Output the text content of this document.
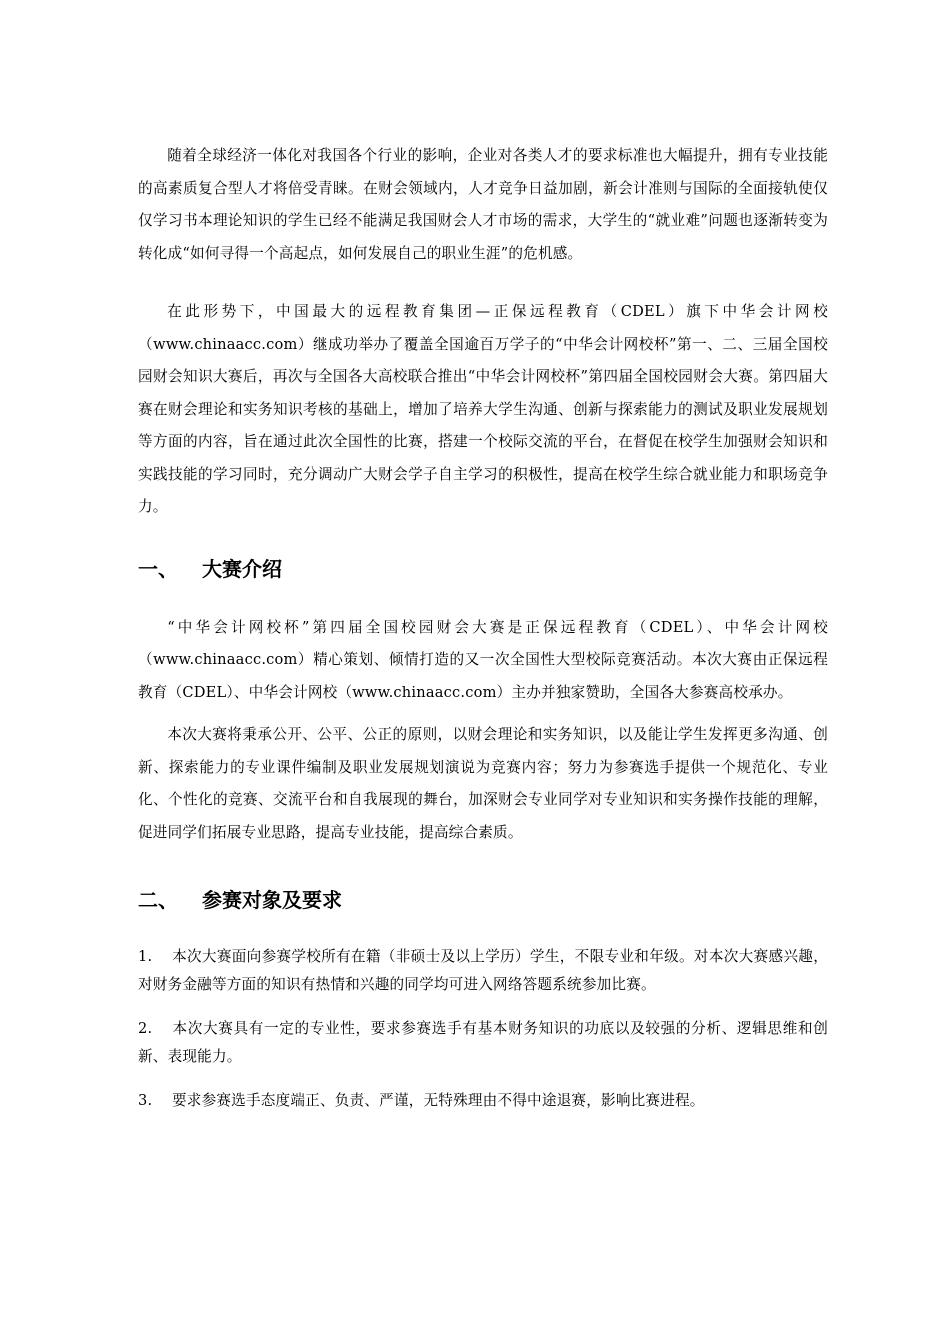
随着全球经济一体化对我国各个行业的影响，企业对各类人才的要求标准也大幅提升，拥有专业技能的高素质复合型人才将倍受青睐。在财会领域内，人才竞争日益加剧，新会计准则与国际的全面接轨使仅仅学习书本理论知识的学生已经不能满足我国财会人才市场的需求，大学生的“就业难”问题也逐渐转变为转化成“如何寻得一个高起点，如何发展自己的职业生涯”的危机感。

在此形势下，中国最大的远程教育集团—正保远程教育（CDEL）旗下中华会计网校（www.chinaacc.com）继成功举办了覆盖全国逾百万学子的“中华会计网校杯”第一、二、三届全国校园财会知识大赛后，再次与全国各大高校联合推出“中华会计网校杯”第四届全国校园财会大赛。第四届大赛在财会理论和实务知识考核的基础上，增加了培养大学生沟通、创新与探索能力的测试及职业发展规划等方面的内容，旨在通过此次全国性的比赛，搭建一个校际交流的平台，在督促在校学生加强财会知识和实践技能的学习同时，充分调动广大财会学子自主学习的积极性，提高在校学生综合就业能力和职场竞争力。

一、	大赛介绍

“中华会计网校杯”第四届全国校园财会大赛是正保远程教育（CDEL）、中华会计网校（www.chinaacc.com）精心策划、倾情打造的又一次全国性大型校际竞赛活动。本次大赛由正保远程教育（CDEL）、中华会计网校（www.chinaacc.com）主办并独家赞助，全国各大参赛高校承办。

本次大赛将秉承公开、公平、公正的原则，以财会理论和实务知识，以及能让学生发挥更多沟通、创新、探索能力的专业课件编制及职业发展规划演说为竞赛内容；努力为参赛选手提供一个规范化、专业化、个性化的竞赛、交流平台和自我展现的舞台，加深财会专业同学对专业知识和实务操作技能的理解，促进同学们拓展专业思路，提高专业技能，提高综合素质。

二、	参赛对象及要求

1. 本次大赛面向参赛学校所有在籍（非硕士及以上学历）学生，不限专业和年级。对本次大赛感兴趣，对财务金融等方面的知识有热情和兴趣的同学均可进入网络答题系统参加比赛。

2. 本次大赛具有一定的专业性，要求参赛选手有基本财务知识的功底以及较强的分析、逻辑思维和创新、表现能力。

3. 要求参赛选手态度端正、负责、严谨，无特殊理由不得中途退赛，影响比赛进程。
